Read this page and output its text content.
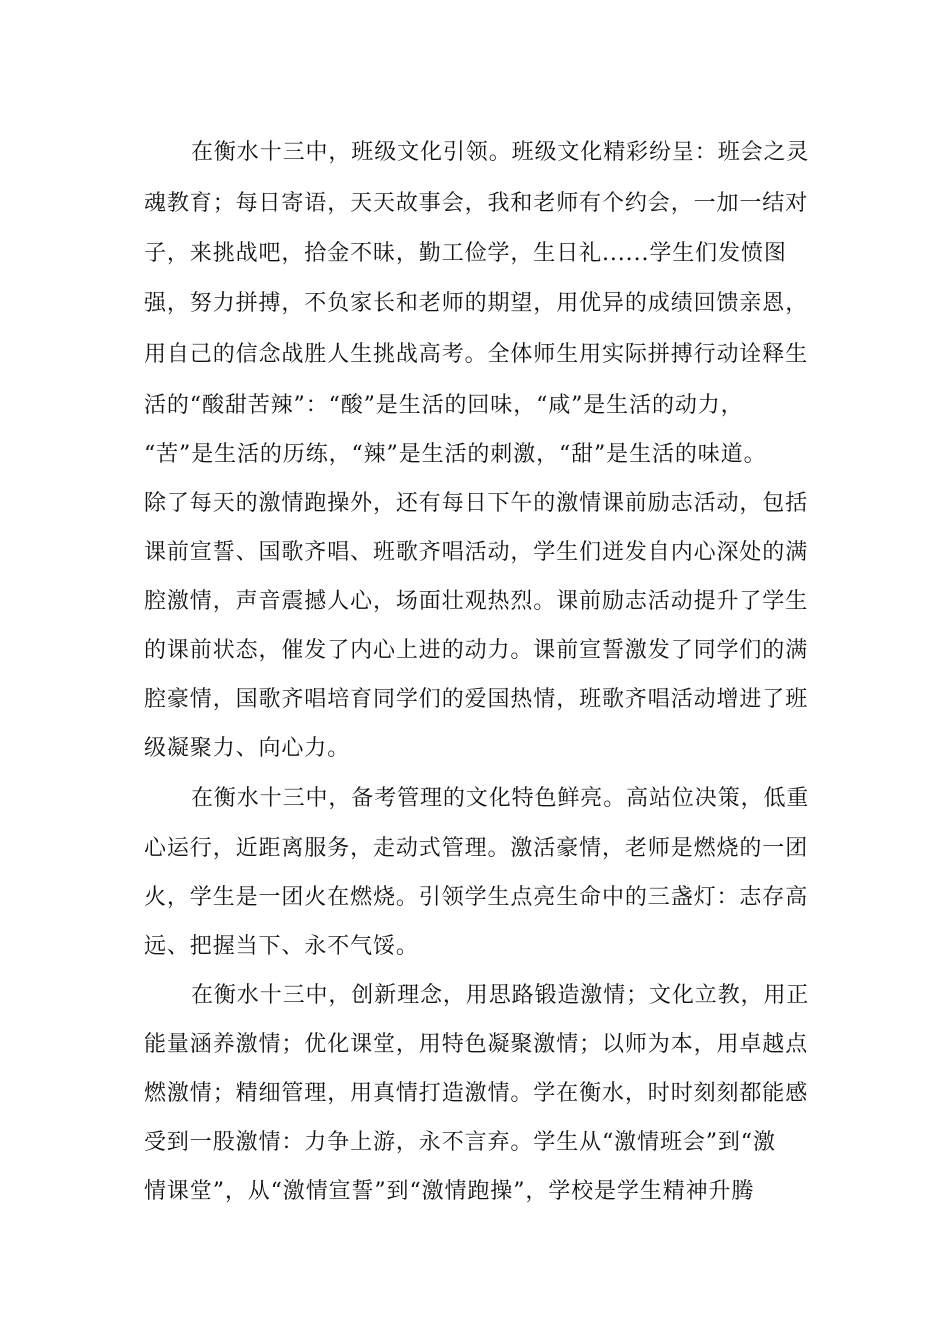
在衡水十三中，班级文化引领。班级文化精彩纷呈：班会之灵
魂教育；每日寄语，天天故事会，我和老师有个约会，一加一结对
子，来挑战吧，拾金不昧，勤工俭学，生日礼......学生们发愤图
强，努力拼搏，不负家长和老师的期望，用优异的成绩回馈亲恩，
用自己的信念战胜人生挑战高考。全体师生用实际拼搏行动诠释生
活的“酸甜苦辣”：“酸”是生活的回味，“咸”是生活的动力，
“苦”是生活的历练，“辣”是生活的刺激，“甜”是生活的味道。
除了每天的激情跑操外，还有每日下午的激情课前励志活动，包括
课前宣誓、国歌齐唱、班歌齐唱活动，学生们迸发自内心深处的满
腔激情，声音震撼人心，场面壮观热烈。课前励志活动提升了学生
的课前状态，催发了内心上进的动力。课前宣誓激发了同学们的满
腔豪情，国歌齐唱培育同学们的爱国热情，班歌齐唱活动增进了班
级凝聚力、向心力。
在衡水十三中，备考管理的文化特色鲜亮。高站位决策，低重
心运行，近距离服务，走动式管理。激活豪情，老师是燃烧的一团
火，学生是一团火在燃烧。引领学生点亮生命中的三盏灯：志存高
远、把握当下、永不气馁。
在衡水十三中，创新理念，用思路锻造激情；文化立教，用正
能量涵养激情；优化课堂，用特色凝聚激情；以师为本，用卓越点
燃激情；精细管理，用真情打造激情。学在衡水，时时刻刻都能感
受到一股激情：力争上游，永不言弃。学生从“激情班会”到“激
情课堂”，从“激情宣誓”到“激情跑操”，学校是学生精神升腾
